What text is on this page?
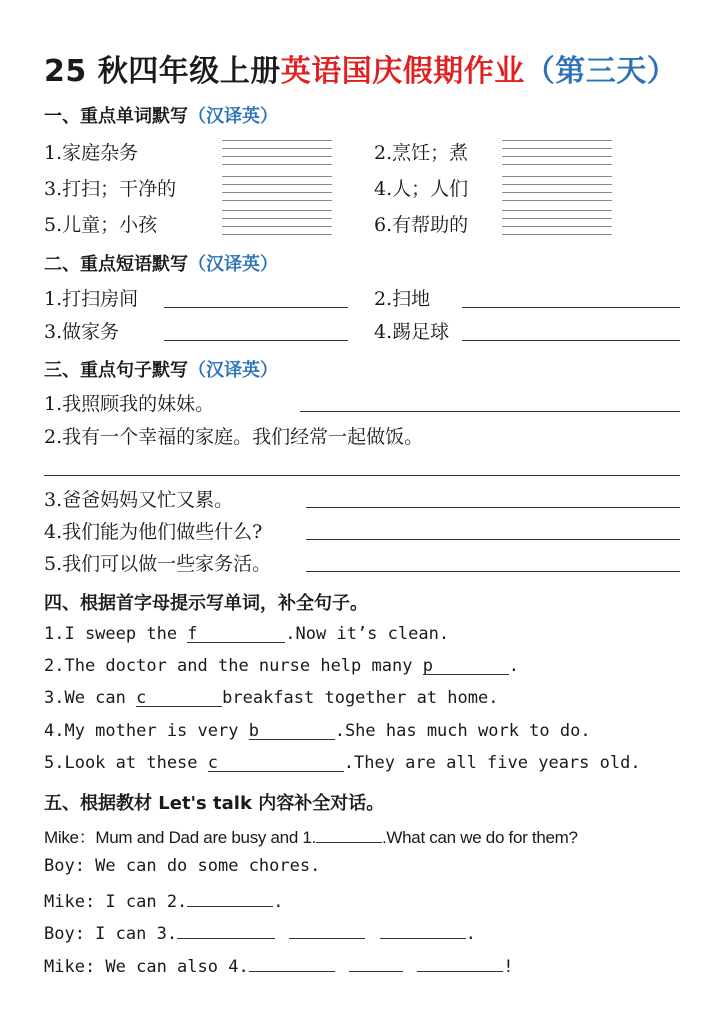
25 秋四年级上册英语国庆假期作业（第三天）
一、重点单词默写（汉译英）
1.家庭杂务	2.烹饪；煮
3.打扫；干净的	4.人；人们
5.儿童；小孩	6.有帮助的
二、重点短语默写（汉译英）
1.打扫房间	2.扫地
3.做家务	4.踢足球
三、重点句子默写（汉译英）
1.我照顾我的妹妹。
2.我有一个幸福的家庭。我们经常一起做饭。
3.爸爸妈妈又忙又累。
4.我们能为他们做些什么?
5.我们可以做一些家务活。
四、根据首字母提示写单词，补全句子。
1.I sweep the f	.Now it’s clean.
2.The doctor and the nurse help many p	.
3.We can c	breakfast together at home.
4.My mother is very b	.She has much work to do.
5.Look at these c	.They are all five years old.
五、根据教材 Let's talk 内容补全对话。
Mike：Mum and Dad are busy and 1.	.What can we do for them?
Boy: We can do some chores.
Mike: I can 2.	.
Boy: I can 3.	.
Mike: We can also 4.	!
